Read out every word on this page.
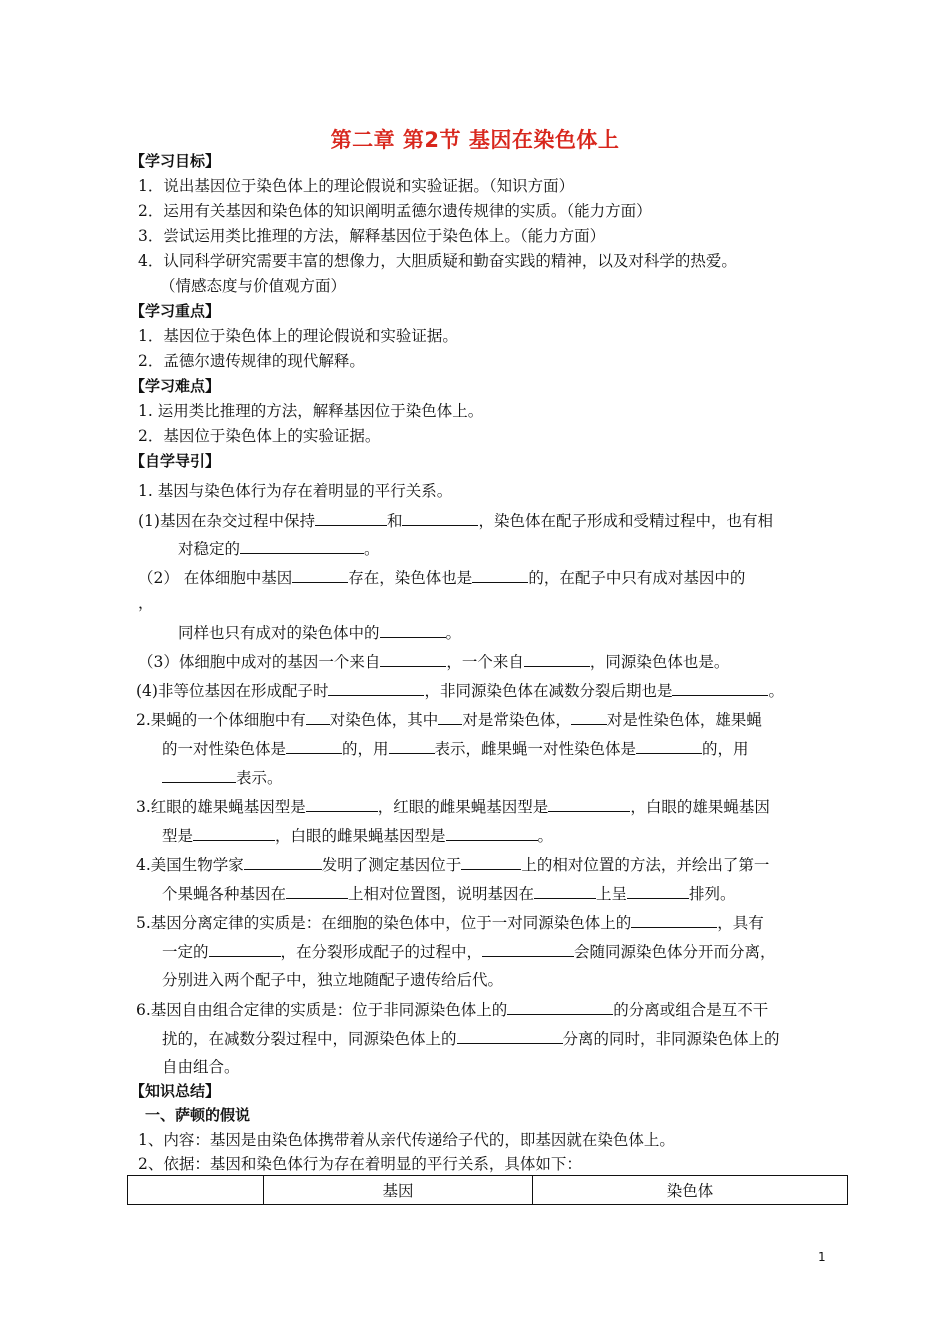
第二章 第2节 基因在染色体上
【学习目标】
1．说出基因位于染色体上的理论假说和实验证据。（知识方面）
2．运用有关基因和染色体的知识阐明孟德尔遗传规律的实质。（能力方面）
3．尝试运用类比推理的方法，解释基因位于染色体上。（能力方面）
4．认同科学研究需要丰富的想像力，大胆质疑和勤奋实践的精神，以及对科学的热爱。
（情感态度与价值观方面）
【学习重点】
1．基因位于染色体上的理论假说和实验证据。
2．孟德尔遗传规律的现代解释。
【学习难点】
1. 运用类比推理的方法，解释基因位于染色体上。
2．基因位于染色体上的实验证据。
【自学导引】
1. 基因与染色体行为存在着明显的平行关系。
(1)基因在杂交过程中保持	和	，染色体在配子形成和受精过程中，也有相
对稳定的	。
（2） 在体细胞中基因	存在，染色体也是	的，在配子中只有成对基因中的
，
同样也只有成对的染色体中的	。
（3）体细胞中成对的基因一个来自	，一个来自	，同源染色体也是。
(4)非等位基因在形成配子时	，非同源染色体在减数分裂后期也是	。
2.果蝇的一个体细胞中有 对染色体，其中 对是常染色体， 对是性染色体，雄果蝇
的一对性染色体是	的，用	表示，雌果蝇一对性染色体是	的，用
表示。
3.红眼的雄果蝇基因型是	，红眼的雌果蝇基因型是	，白眼的雄果蝇基因
型是	，白眼的雌果蝇基因型是	。
4.美国生物学家	发明了测定基因位于	上的相对位置的方法，并绘出了第一
个果蝇各种基因在	上相对位置图，说明基因在	上呈	排列。
5.基因分离定律的实质是：在细胞的染色体中，位于一对同源染色体上的	，具有
一定的	，在分裂形成配子的过程中，	会随同源染色体分开而分离，
分别进入两个配子中，独立地随配子遗传给后代。
6.基因自由组合定律的实质是：位于非同源染色体上的	的分离或组合是互不干
扰的，在减数分裂过程中，同源染色体上的	分离的同时，非同源染色体上的
自由组合。
【知识总结】
一、萨顿的假说
1、内容：基因是由染色体携带着从亲代传递给子代的，即基因就在染色体上。
2、依据：基因和染色体行为存在着明显的平行关系，具体如下：
	基因	染色体
1
